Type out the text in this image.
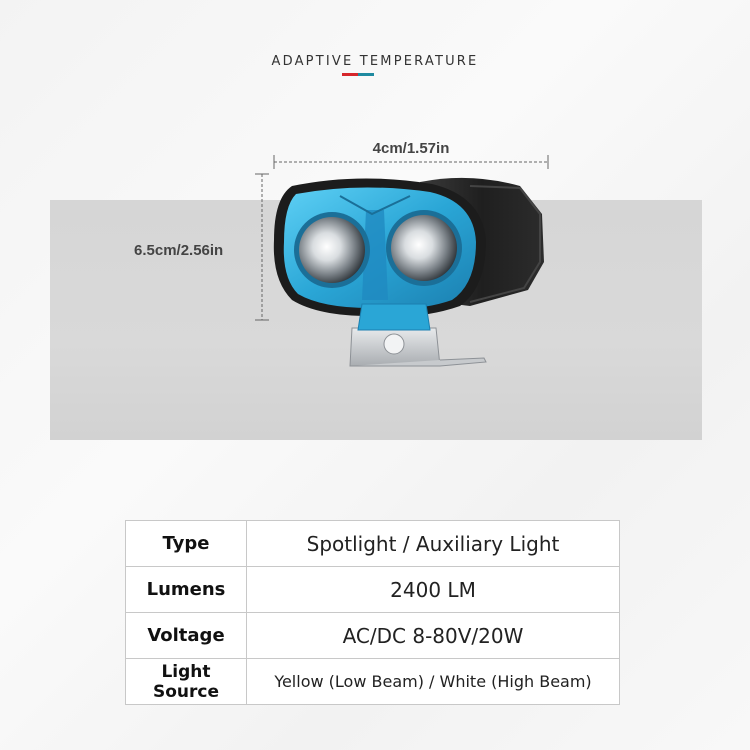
ADAPTIVE TEMPERATURE
4cm/1.57in
6.5cm/2.56in
Type	Spotlight / Auxiliary Light
Lumens	2400 LM
Voltage	AC/DC 8-80V/20W
Light Source	Yellow (Low Beam) / White (High Beam)
